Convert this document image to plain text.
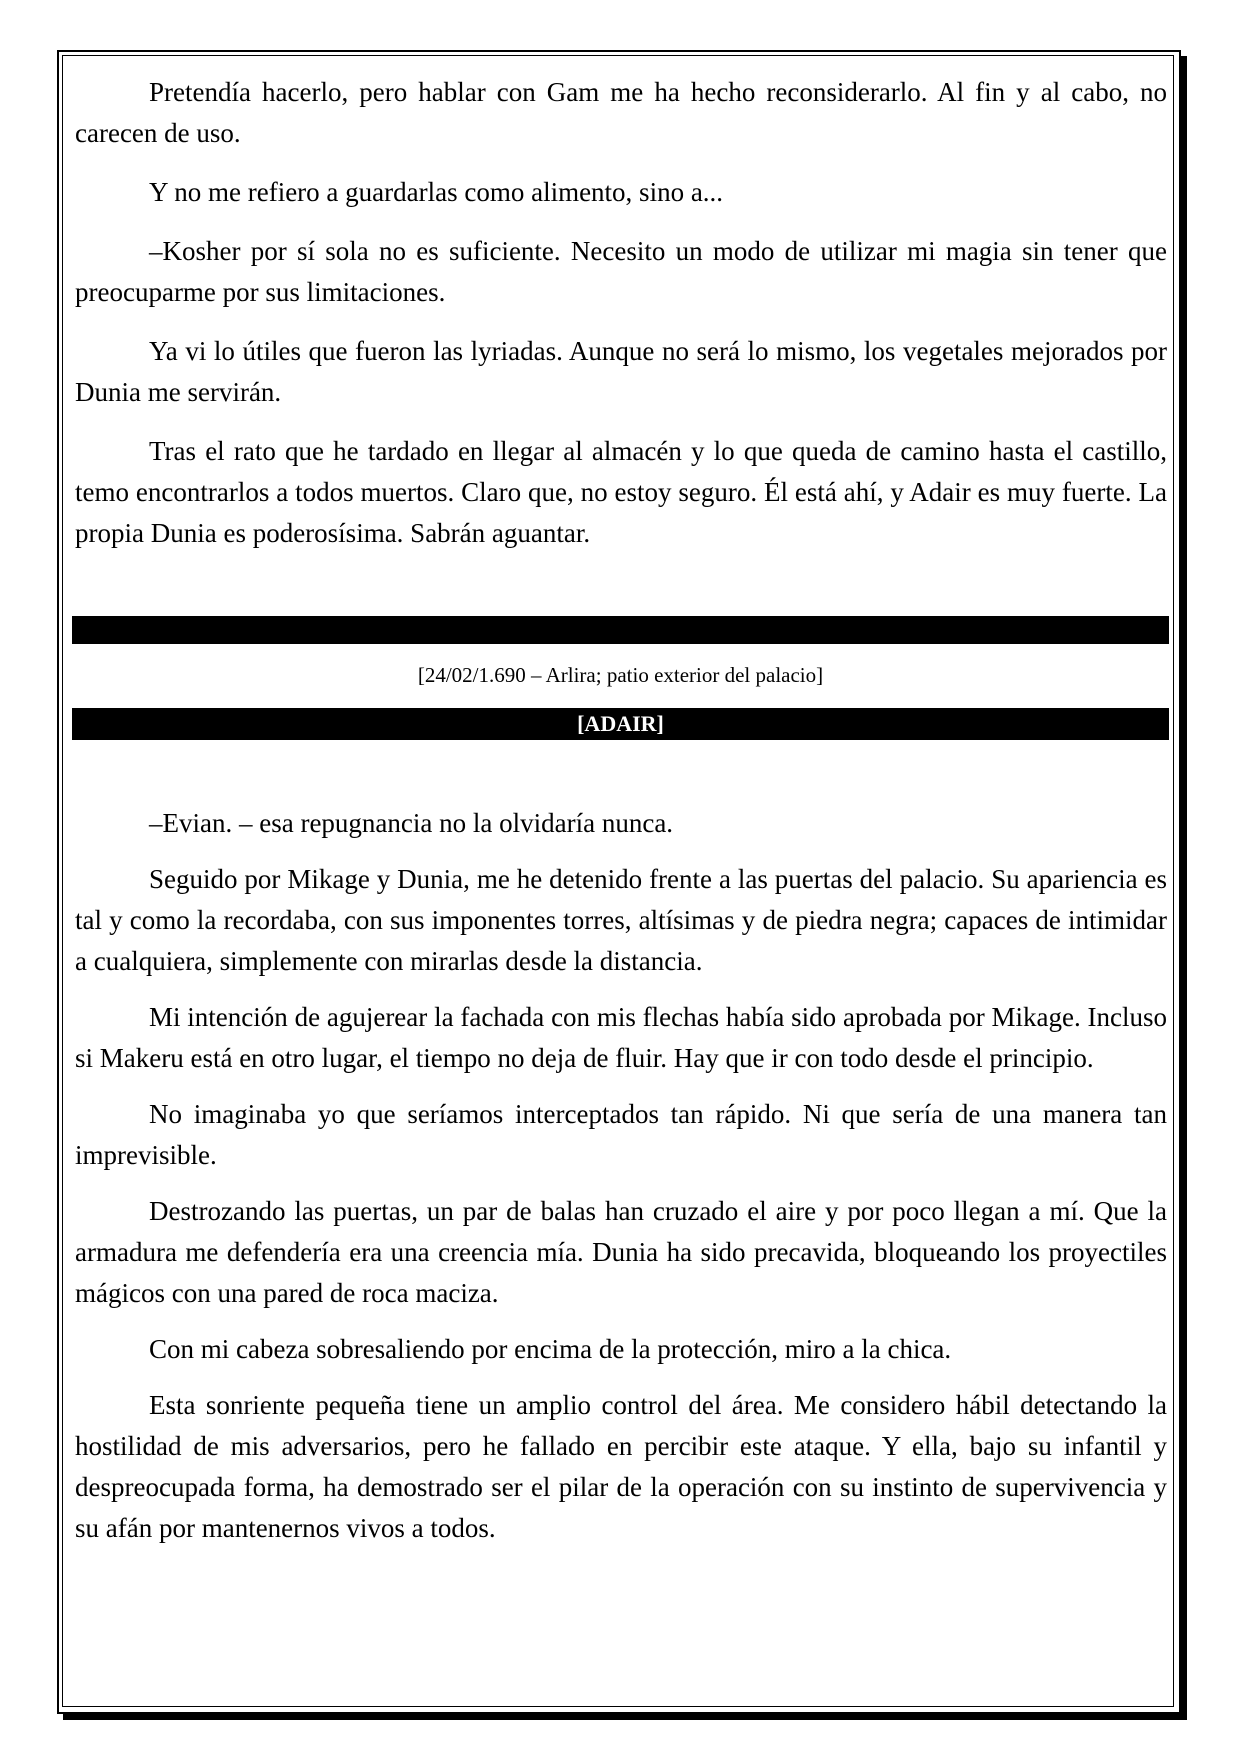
Pretendía hacerlo, pero hablar con Gam me ha hecho reconsiderarlo. Al fin y al cabo, no carecen de uso.

Y no me refiero a guardarlas como alimento, sino a...

–Kosher por sí sola no es suficiente. Necesito un modo de utilizar mi magia sin tener que preocuparme por sus limitaciones.

Ya vi lo útiles que fueron las lyriadas. Aunque no será lo mismo, los vegetales mejorados por Dunia me servirán.

Tras el rato que he tardado en llegar al almacén y lo que queda de camino hasta el castillo, temo encontrarlos a todos muertos. Claro que, no estoy seguro. Él está ahí, y Adair es muy fuerte. La propia Dunia es poderosísima. Sabrán aguantar.

[24/02/1.690 – Arlira; patio exterior del palacio]
[ADAIR]

–Evian. – esa repugnancia no la olvidaría nunca.

Seguido por Mikage y Dunia, me he detenido frente a las puertas del palacio. Su apariencia es tal y como la recordaba, con sus imponentes torres, altísimas y de piedra negra; capaces de intimidar a cualquiera, simplemente con mirarlas desde la distancia.

Mi intención de agujerear la fachada con mis flechas había sido aprobada por Mikage. Incluso si Makeru está en otro lugar, el tiempo no deja de fluir. Hay que ir con todo desde el principio.

No imaginaba yo que seríamos interceptados tan rápido. Ni que sería de una manera tan imprevisible.

Destrozando las puertas, un par de balas han cruzado el aire y por poco llegan a mí. Que la armadura me defendería era una creencia mía. Dunia ha sido precavida, bloqueando los proyectiles mágicos con una pared de roca maciza.

Con mi cabeza sobresaliendo por encima de la protección, miro a la chica.

Esta sonriente pequeña tiene un amplio control del área. Me considero hábil detectando la hostilidad de mis adversarios, pero he fallado en percibir este ataque. Y ella, bajo su infantil y despreocupada forma, ha demostrado ser el pilar de la operación con su instinto de supervivencia y su afán por mantenernos vivos a todos.
